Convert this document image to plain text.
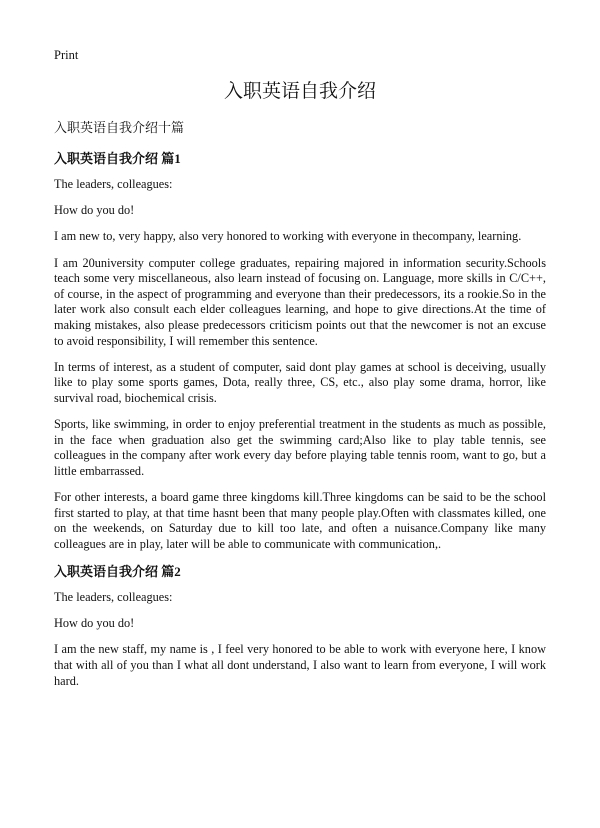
Print
入职英语自我介绍

入职英语自我介绍十篇

入职英语自我介绍 篇1

The leaders, colleagues:

How do you do!

I am new to, very happy, also very honored to working with everyone in thecompany, learning.

I am 20university computer college graduates, repairing majored in information security.Schools teach some very miscellaneous, also learn instead of focusing on. Language, more skills in C/C++, of course, in the aspect of programming and everyone than their predecessors, its a rookie.So in the later work also consult each elder colleagues learning, and hope to give directions.At the time of making mistakes, also please predecessors criticism points out that the newcomer is not an excuse to avoid responsibility, I will remember this sentence.

In terms of interest, as a student of computer, said dont play games at school is deceiving, usually like to play some sports games, Dota, really three, CS, etc., also play some drama, horror, like survival road, biochemical crisis.

Sports, like swimming, in order to enjoy preferential treatment in the students as much as possible, in the face when graduation also get the swimming card;Also like to play table tennis, see colleagues in the company after work every day before playing table tennis room, want to go, but a little embarrassed.

For other interests, a board game three kingdoms kill.Three kingdoms can be said to be the school first started to play, at that time hasnt been that many people play.Often with classmates killed, one on the weekends, on Saturday due to kill too late, and often a nuisance.Company like many colleagues are in play, later will be able to communicate with communication,.

入职英语自我介绍 篇2

The leaders, colleagues:

How do you do!

I am the new staff, my name is , I feel very honored to be able to work with everyone here, I know that with all of you than I what all dont understand, I also want to learn from everyone, I will work hard.
